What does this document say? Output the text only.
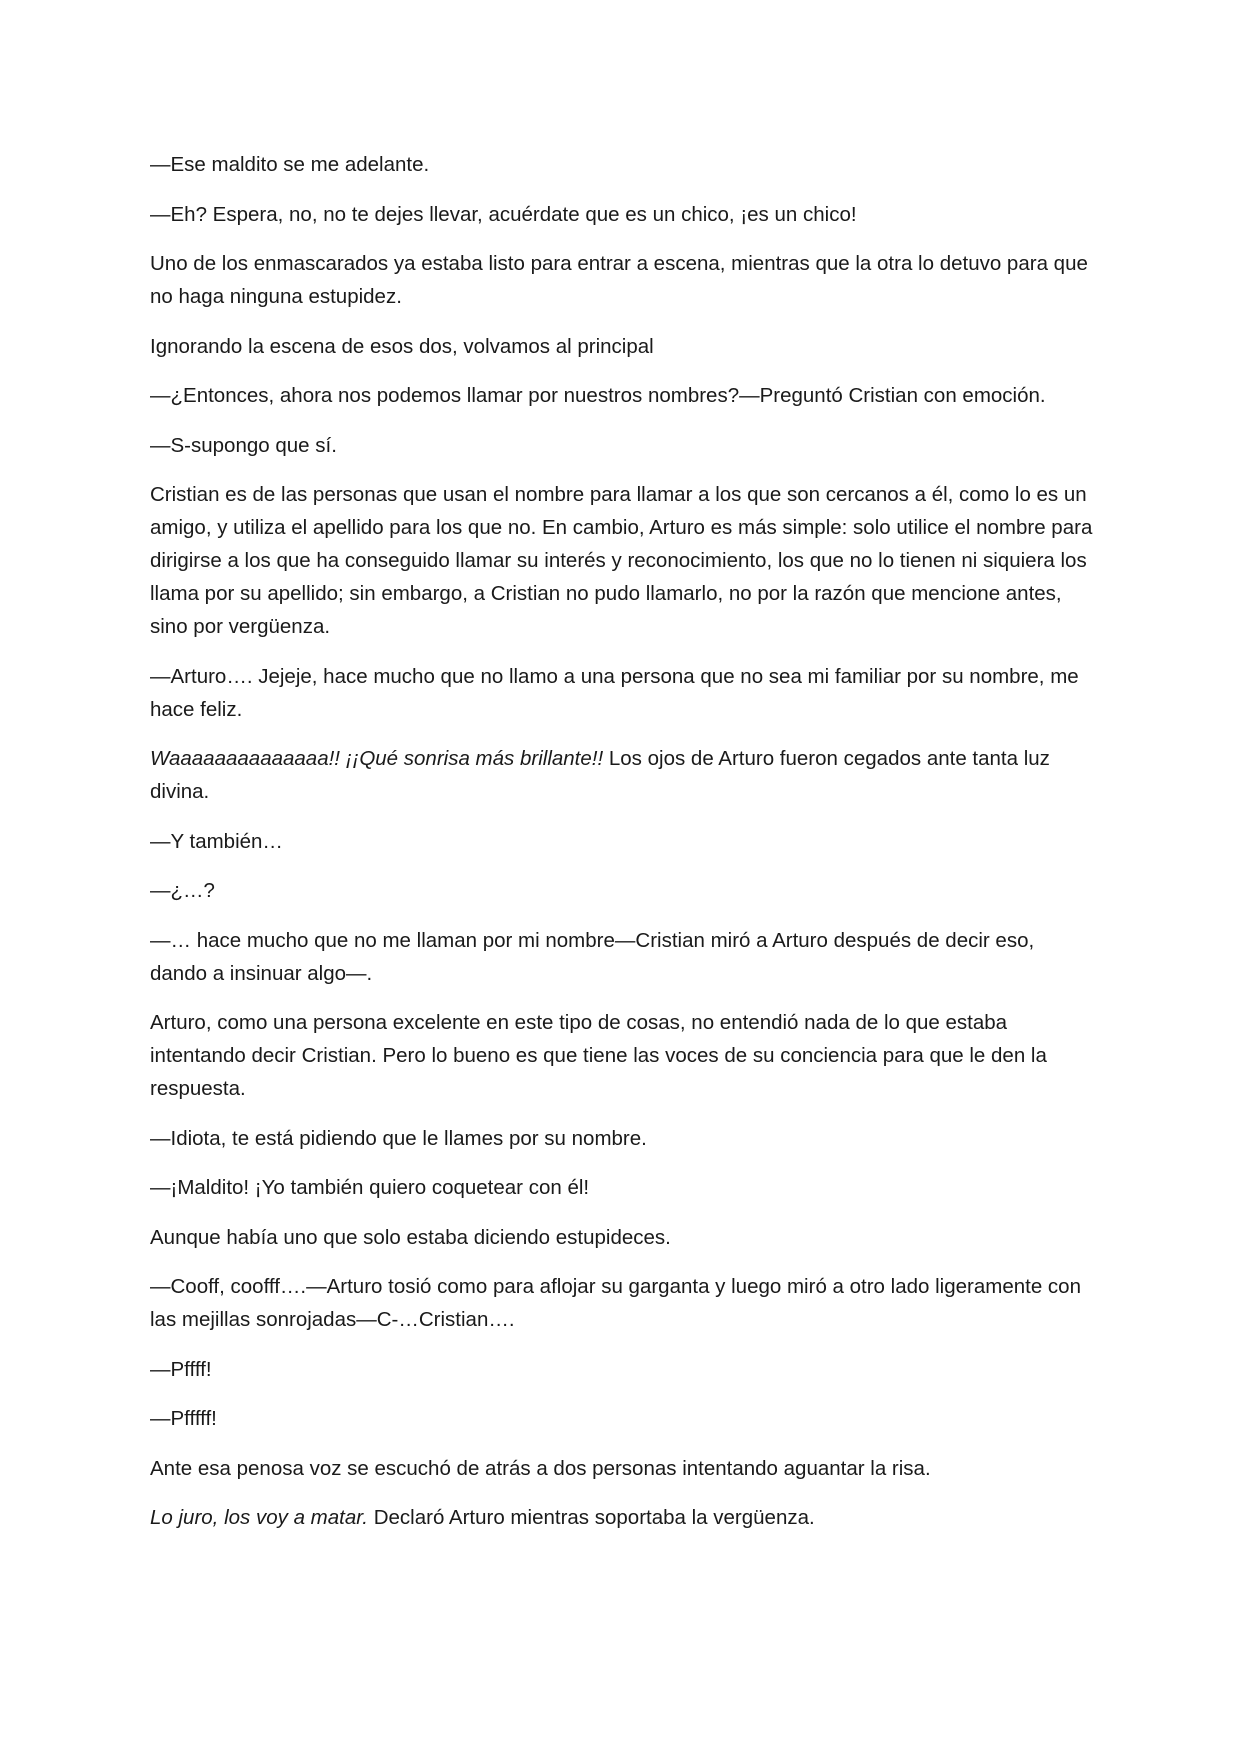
—Ese maldito se me adelante.

—Eh? Espera, no, no te dejes llevar, acuérdate que es un chico, ¡es un chico!

Uno de los enmascarados ya estaba listo para entrar a escena, mientras que la otra lo detuvo para que no haga ninguna estupidez.

Ignorando la escena de esos dos, volvamos al principal

—¿Entonces, ahora nos podemos llamar por nuestros nombres?—Preguntó Cristian con emoción.

—S-supongo que sí.

Cristian es de las personas que usan el nombre para llamar a los que son cercanos a él, como lo es un amigo, y utiliza el apellido para los que no. En cambio, Arturo es más simple: solo utilice el nombre para dirigirse a los que ha conseguido llamar su interés y reconocimiento, los que no lo tienen ni siquiera los llama por su apellido; sin embargo, a Cristian no pudo llamarlo, no por la razón que mencione antes, sino por vergüenza.

—Arturo…. Jejeje, hace mucho que no llamo a una persona que no sea mi familiar por su nombre, me hace feliz.

Waaaaaaaaaaaaaa!! ¡¡Qué sonrisa más brillante!! Los ojos de Arturo fueron cegados ante tanta luz divina.

—Y también…

—¿…?

—… hace mucho que no me llaman por mi nombre—Cristian miró a Arturo después de decir eso, dando a insinuar algo—.

Arturo, como una persona excelente en este tipo de cosas, no entendió nada de lo que estaba intentando decir Cristian. Pero lo bueno es que tiene las voces de su conciencia para que le den la respuesta.

—Idiota, te está pidiendo que le llames por su nombre.

—¡Maldito! ¡Yo también quiero coquetear con él!

Aunque había uno que solo estaba diciendo estupideces.

—Cooff, coofff….—Arturo tosió como para aflojar su garganta y luego miró a otro lado ligeramente con las mejillas sonrojadas—C-…Cristian….

—Pffff!

—Pfffff!

Ante esa penosa voz se escuchó de atrás a dos personas intentando aguantar la risa.

Lo juro, los voy a matar. Declaró Arturo mientras soportaba la vergüenza.
